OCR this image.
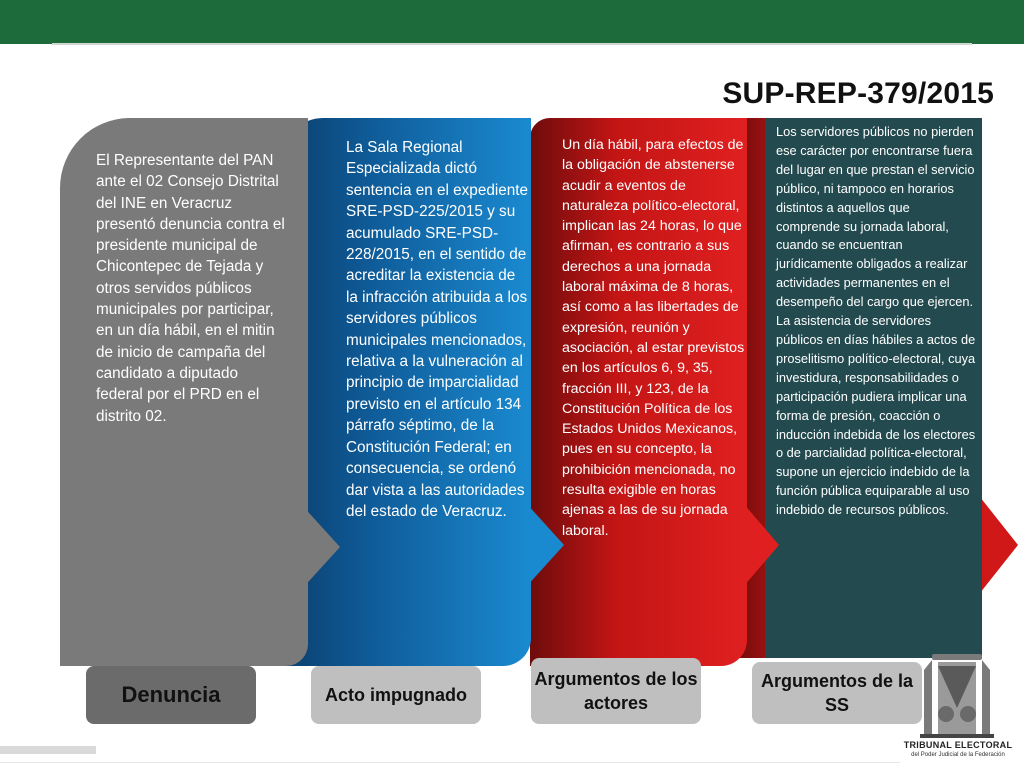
SUP-REP-379/2015
Los servidores públicos no pierden ese carácter por encontrarse fuera del lugar en que prestan el servicio público, ni tampoco en horarios distintos a aquellos que comprende su jornada laboral, cuando se encuentran jurídicamente obligados a realizar actividades permanentes en el desempeño del cargo que ejercen. La asistencia de servidores públicos en días hábiles a actos de proselitismo político-electoral, cuya investidura, responsabilidades o participación pudiera implicar una forma de presión, coacción o inducción indebida de los electores o de parcialidad política-electoral, supone un ejercicio indebido de la función pública equiparable al uso indebido de recursos públicos.
Un día hábil, para efectos de la obligación de abstenerse acudir a eventos de naturaleza político-electoral, implican las 24 horas, lo que afirman, es contrario a sus derechos a una jornada laboral máxima de 8 horas, así como a las libertades de expresión, reunión y asociación, al estar previstos en los artículos 6, 9, 35, fracción III, y 123, de la Constitución Política de los Estados Unidos Mexicanos, pues en su concepto, la prohibición mencionada, no resulta exigible en horas ajenas a las de su jornada laboral.
La Sala Regional Especializada dictó sentencia en el expediente SRE-PSD-225/2015 y su acumulado SRE-PSD-228/2015, en el sentido de acreditar la existencia de la infracción atribuida a los servidores públicos municipales mencionados, relativa a la vulneración al principio de imparcialidad previsto en el artículo 134 párrafo séptimo, de la Constitución Federal; en consecuencia, se ordenó dar vista a las autoridades del estado de Veracruz.
El Representante del PAN ante el 02 Consejo Distrital del INE en Veracruz presentó denuncia contra el presidente municipal de Chicontepec de Tejada y otros servidos públicos municipales por participar, en un día hábil, en el mitin de inicio de campaña del candidato a diputado federal por el PRD en el distrito 02.
Denuncia	Acto impugnado
Argumentos de los actores
Argumentos de la SS
TRIBUNAL ELECTORAL
del Poder Judicial de la Federación
